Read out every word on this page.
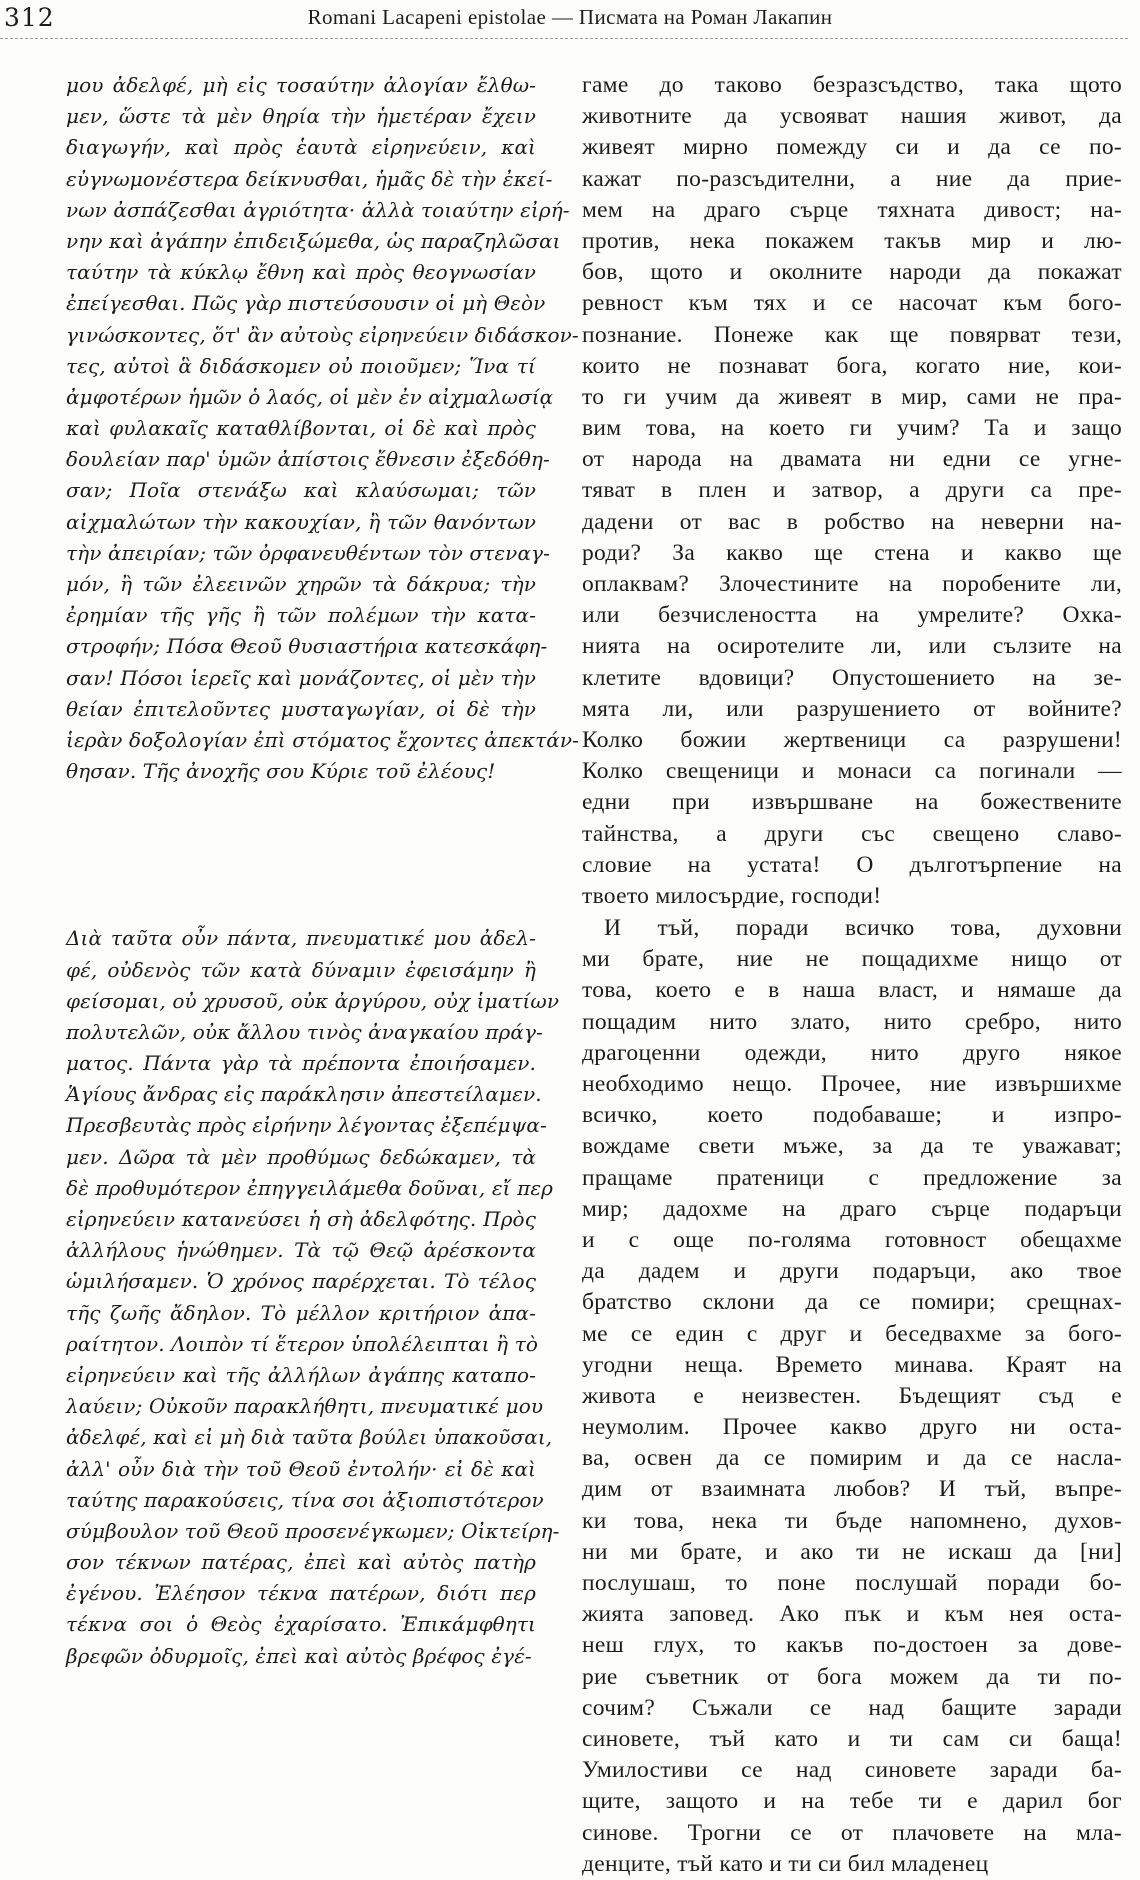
312	Romani Lacapeni epistolae — Писмата на Роман Лакапин
μου ἀδελφέ, μὴ εἰς τοσαύτην ἀλογίαν ἔλθω-
μεν, ὥστε τὰ μὲν θηρία τὴν ἡμετέραν ἔχειν
διαγωγήν, καὶ πρὸς ἑαυτὰ εἰρηνεύειν, καὶ
εὐγνωμονέστερα δείκνυσθαι, ἡμᾶς δὲ τὴν ἐκεί-
νων ἀσπάζεσθαι ἀγριότητα· ἀλλὰ τοιαύτην εἰρή-
νην καὶ ἀγάπην ἐπιδειξώμεθα, ὡς παραζηλῶσαι
ταύτην τὰ κύκλῳ ἔθνη καὶ πρὸς θεογνωσίαν
ἐπείγεσθαι. Πῶς γὰρ πιστεύσουσιν οἱ μὴ Θεὸν
γινώσκοντες, ὅτ' ἂν αὐτοὺς εἰρηνεύειν διδάσκον-
τες, αὐτοὶ ἃ διδάσκομεν οὐ ποιοῦμεν; Ἵνα τί
ἀμφοτέρων ἡμῶν ὁ λαός, οἱ μὲν ἐν αἰχμαλωσίᾳ
καὶ φυλακαῖς καταθλίβονται, οἱ δὲ καὶ πρὸς
δουλείαν παρ' ὑμῶν ἀπίστοις ἔθνεσιν ἐξεδόθη-
σαν; Ποῖα στενάξω καὶ κλαύσωμαι; τῶν
αἰχμαλώτων τὴν κακουχίαν, ἢ τῶν θανόντων
τὴν ἀπειρίαν; τῶν ὀρφανευθέντων τὸν στεναγ-
μόν, ἢ τῶν ἐλεεινῶν χηρῶν τὰ δάκρυα; τὴν
ἐρημίαν τῆς γῆς ἢ τῶν πολέμων τὴν κατα-
στροφήν; Πόσα Θεοῦ θυσιαστήρια κατεσκάφη-
σαν! Πόσοι ἱερεῖς καὶ μονάζοντες, οἱ μὲν τὴν
θείαν ἐπιτελοῦντες μυσταγωγίαν, οἱ δὲ τὴν
ἱερὰν δοξολογίαν ἐπὶ στόματος ἔχοντες ἀπεκτάν-
θησαν. Τῆς ἀνοχῆς σου Κύριε τοῦ ἐλέους!
Διὰ ταῦτα οὖν πάντα, πνευματικέ μου ἀδελ-
φέ, οὐδενὸς τῶν κατὰ δύναμιν ἐφεισάμην ἢ
φείσομαι, οὐ χρυσοῦ, οὐκ ἀργύρου, οὐχ ἱματίων
πολυτελῶν, οὐκ ἄλλου τινὸς ἀναγκαίου πράγ-
ματος. Πάντα γὰρ τὰ πρέποντα ἐποιήσαμεν.
Ἁγίους ἄνδρας εἰς παράκλησιν ἀπεστείλαμεν.
Πρεσβευτὰς πρὸς εἰρήνην λέγοντας ἐξεπέμψα-
μεν. Δῶρα τὰ μὲν προθύμως δεδώκαμεν, τὰ
δὲ προθυμότερον ἐπηγγειλάμεθα δοῦναι, εἴ περ
εἰρηνεύειν κατανεύσει ἡ σὴ ἀδελφότης. Πρὸς
ἀλλήλους ἡνώθημεν. Τὰ τῷ Θεῷ ἀρέσκοντα
ὡμιλήσαμεν. Ὁ χρόνος παρέρχεται. Τὸ τέλος
τῆς ζωῆς ἄδηλον. Τὸ μέλλον κριτήριον ἀπα-
ραίτητον. Λοιπὸν τί ἕτερον ὑπολέλειπται ἢ τὸ
εἰρηνεύειν καὶ τῆς ἀλλήλων ἀγάπης καταπο-
λαύειν; Οὐκοῦν παρακλήθητι, πνευματικέ μου
ἀδελφέ, καὶ εἰ μὴ διὰ ταῦτα βούλει ὑπακοῦσαι,
ἀλλ' οὖν διὰ τὴν τοῦ Θεοῦ ἐντολήν· εἰ δὲ καὶ
ταύτης παρακούσεις, τίνα σοι ἀξιοπιστότερον
σύμβουλον τοῦ Θεοῦ προσενέγκωμεν; Οἰκτείρη-
σον τέκνων πατέρας, ἐπεὶ καὶ αὐτὸς πατὴρ
ἐγένου. Ἐλέησον τέκνα πατέρων, διότι περ
τέκνα σοι ὁ Θεὸς ἐχαρίσατο. Ἐπικάμφθητι
βρεφῶν ὀδυρμοῖς, ἐπεὶ καὶ αὐτὸς βρέφος ἐγέ-
гаме до таково безразсъдство, така щото
животните да усвояват нашия живот, да
живеят мирно помежду си и да се по-
кажат по-разсъдителни, а ние да прие-
мем на драго сърце тяхната дивост; на-
против, нека покажем такъв мир и лю-
бов, щото и околните народи да покажат
ревност към тях и се насочат към бого-
познание. Понеже как ще повярват тези,
които не познават бога, когато ние, кои-
то ги учим да живеят в мир, сами не пра-
вим това, на което ги учим? Та и защо
от народа на двамата ни едни се угне-
тяват в плен и затвор, а други са пре-
дадени от вас в робство на неверни на-
роди? За какво ще стена и какво ще
оплаквам? Злочестините на поробените ли,
или безчислеността на умрелите? Охка-
нията на осиротелите ли, или сълзите на
клетите вдовици? Опустошението на зе-
мята ли, или разрушението от войните?
Колко божии жертвеници са разрушени!
Колко свещеници и монаси са погинали —
едни при извършване на божествените
тайнства, а други със свещено славо-
словие на устата! О дълготърпение на
твоето милосърдие, господи!
И тъй, поради всичко това, духовни
ми брате, ние не пощадихме нищо от
това, което е в наша власт, и нямаше да
пощадим нито злато, нито сребро, нито
драгоценни одежди, нито друго някое
необходимо нещо. Прочее, ние извършихме
всичко, което подобаваше; и изпро-
вождаме свети мъже, за да те уважават;
пращаме пратеници с предложение за
мир; дадохме на драго сърце подаръци
и с още по-голяма готовност обещахме
да дадем и други подаръци, ако твое
братство склони да се помири; срещнах-
ме се един с друг и беседвахме за бого-
угодни неща. Времето минава. Краят на
живота е неизвестен. Бъдещият съд е
неумолим. Прочее какво друго ни оста-
ва, освен да се помирим и да се насла-
дим от взаимната любов? И тъй, въпре-
ки това, нека ти бъде напомнено, духов-
ни ми брате, и ако ти не искаш да [ни]
послушаш, то поне послушай поради бо-
жията заповед. Ако пък и към нея оста-
неш глух, то какъв по-достоен за дове-
рие съветник от бога можем да ти по-
сочим? Съжали се над бащите заради
синовете, тъй като и ти сам си баща!
Умилостиви се над синовете заради ба-
щите, защото и на тебе ти е дарил бог
синове. Трогни се от плачовете на мла-
денците, тъй като и ти си бил младенец
